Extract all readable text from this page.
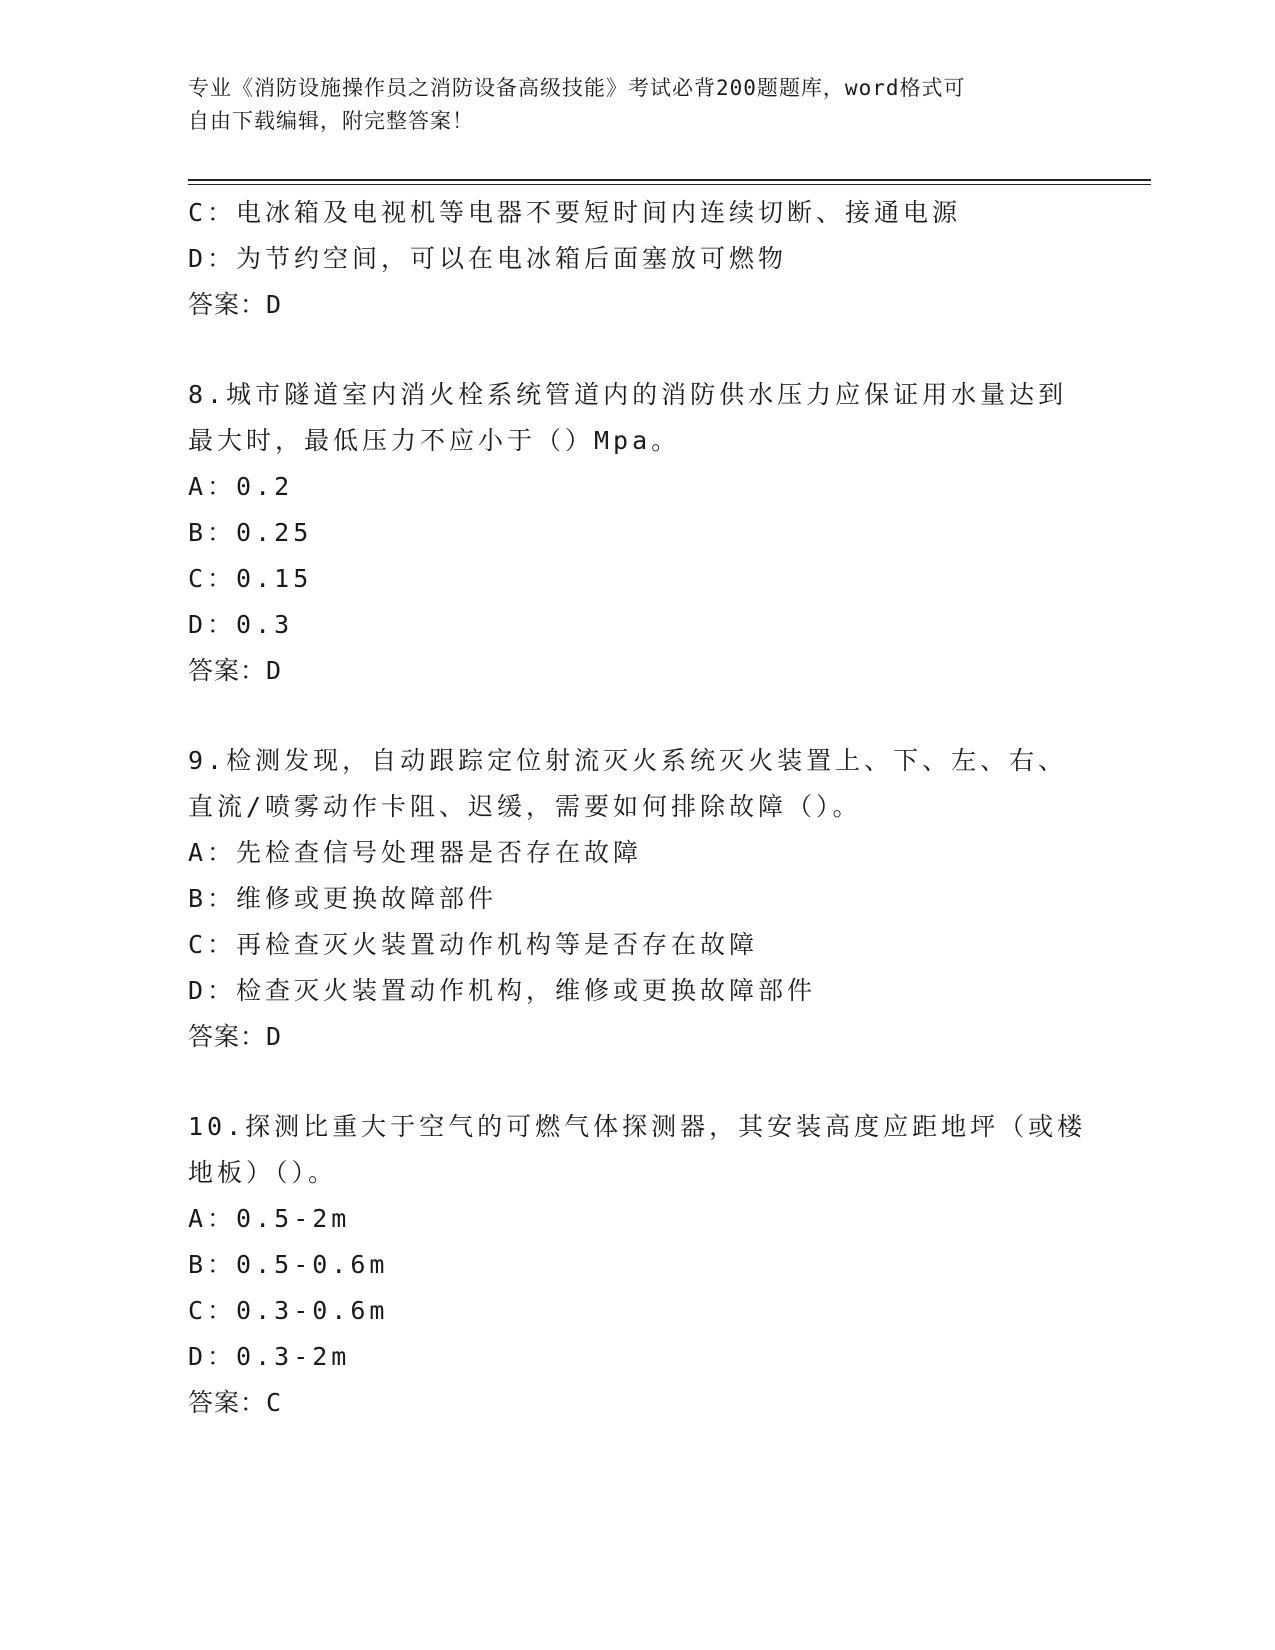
专业《消防设施操作员之消防设备高级技能》考试必背200题题库，word格式可
自由下载编辑，附完整答案！
C：电冰箱及电视机等电器不要短时间内连续切断、接通电源
D：为节约空间，可以在电冰箱后面塞放可燃物
答案：D
8.城市隧道室内消火栓系统管道内的消防供水压力应保证用水量达到
最大时，最低压力不应小于（）Mpa。
A：0.2
B：0.25
C：0.15
D：0.3
答案：D
9.检测发现，自动跟踪定位射流灭火系统灭火装置上、下、左、右、
直流/喷雾动作卡阻、迟缓，需要如何排除故障（）。
A：先检查信号处理器是否存在故障
B：维修或更换故障部件
C：再检查灭火装置动作机构等是否存在故障
D：检查灭火装置动作机构，维修或更换故障部件
答案：D
10.探测比重大于空气的可燃气体探测器，其安装高度应距地坪（或楼
地板）（）。
A：0.5-2m
B：0.5-0.6m
C：0.3-0.6m
D：0.3-2m
答案：C
